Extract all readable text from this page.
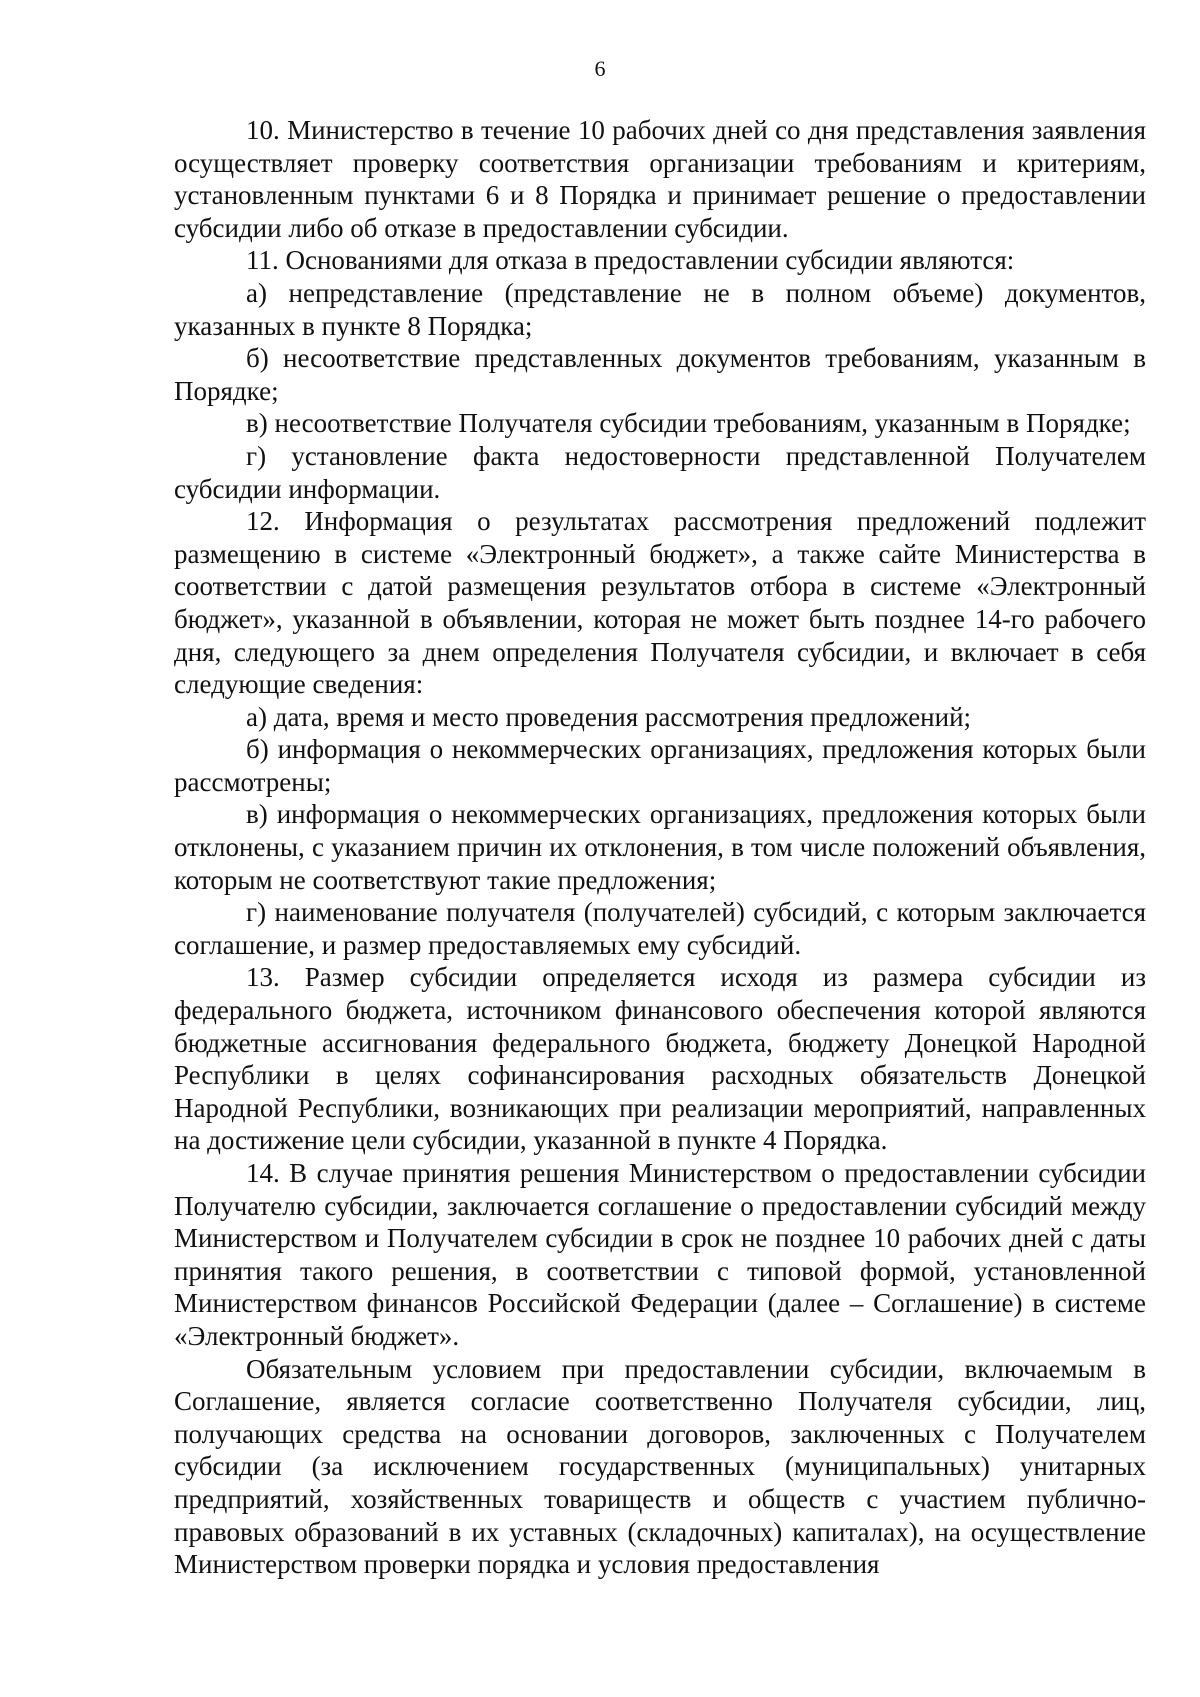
6

10. Министерство в течение 10 рабочих дней со дня представления заявления осуществляет проверку соответствия организации требованиям и критериям, установленным пунктами 6 и 8 Порядка и принимает решение о предоставлении субсидии либо об отказе в предоставлении субсидии.

11. Основаниями для отказа в предоставлении субсидии являются:

а) непредставление (представление не в полном объеме) документов, указанных в пункте 8 Порядка;

б) несоответствие представленных документов требованиям, указанным в Порядке;

в) несоответствие Получателя субсидии требованиям, указанным в Порядке;

г) установление факта недостоверности представленной Получателем субсидии информации.

12. Информация о результатах рассмотрения предложений подлежит размещению в системе «Электронный бюджет», а также сайте Министерства в соответствии с датой размещения результатов отбора в системе «Электронный бюджет», указанной в объявлении, которая не может быть позднее 14-го рабочего дня, следующего за днем определения Получателя субсидии, и включает в себя следующие сведения:

а) дата, время и место проведения рассмотрения предложений;

б) информация о некоммерческих организациях, предложения которых были рассмотрены;

в) информация о некоммерческих организациях, предложения которых были отклонены, с указанием причин их отклонения, в том числе положений объявления, которым не соответствуют такие предложения;

г) наименование получателя (получателей) субсидий, с которым заключается соглашение, и размер предоставляемых ему субсидий.

13. Размер субсидии определяется исходя из размера субсидии из федерального бюджета, источником финансового обеспечения которой являются бюджетные ассигнования федерального бюджета, бюджету Донецкой Народной Республики в целях софинансирования расходных обязательств Донецкой Народной Республики, возникающих при реализации мероприятий, направленных на достижение цели субсидии, указанной в пункте 4 Порядка.

14. В случае принятия решения Министерством о предоставлении субсидии Получателю субсидии, заключается соглашение о предоставлении субсидий между Министерством и Получателем субсидии в срок не позднее 10 рабочих дней с даты принятия такого решения, в соответствии с типовой формой, установленной Министерством финансов Российской Федерации (далее – Соглашение) в системе «Электронный бюджет».

Обязательным условием при предоставлении субсидии, включаемым в Соглашение, является согласие соответственно Получателя субсидии, лиц, получающих средства на основании договоров, заключенных с Получателем субсидии (за исключением государственных (муниципальных) унитарных предприятий, хозяйственных товариществ и обществ с участием публично-правовых образований в их уставных (складочных) капиталах), на осуществление Министерством проверки порядка и условия предоставления
